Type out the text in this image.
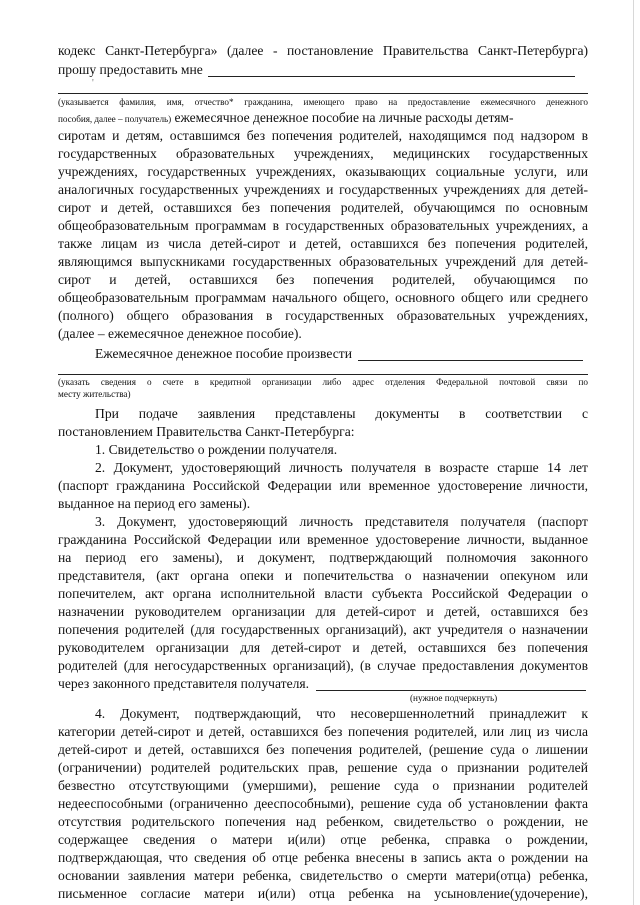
кодекс Санкт-Петербурга» (далее - постановление Правительства Санкт-Петербурга)
прошу предоставить мне
'
(указывается фамилия, имя, отчество* гражданина, имеющего право на предоставление ежемесячного денежного
пособия, далее – получатель) ежемесячное денежное пособие на личные расходы детям-
сиротам и детям, оставшимся без попечения родителей, находящимся под надзором в
государственных образовательных учреждениях, медицинских государственных
учреждениях, государственных учреждениях, оказывающих социальные услуги, или
аналогичных государственных учреждениях и государственных учреждениях для детей-
сирот и детей, оставшихся без попечения родителей, обучающимся по основным
общеобразовательным программам в государственных образовательных учреждениях, а
также лицам из числа детей-сирот и детей, оставшихся без попечения родителей,
являющимся выпускниками государственных образовательных учреждений для детей-
сирот и детей, оставшихся без попечения родителей, обучающимся по
общеобразовательным программам начального общего, основного общего или среднего
(полного) общего образования в государственных образовательных учреждениях,
(далее – ежемесячное денежное пособие).
Ежемесячное денежное пособие произвести
(указать сведения о счете в кредитной организации либо адрес отделения Федеральной почтовой связи по
месту жительства)
При подаче заявления представлены документы в соответствии с
постановлением Правительства Санкт-Петербурга:
1. Свидетельство о рождении получателя.
2. Документ, удостоверяющий личность получателя в возрасте старше 14 лет
(паспорт гражданина Российской Федерации или временное удостоверение личности,
выданное на период его замены).
3. Документ, удостоверяющий личность представителя получателя (паспорт
гражданина Российской Федерации или временное удостоверение личности, выданное
на период его замены), и документ, подтверждающий полномочия законного
представителя, (акт органа опеки и попечительства о назначении опекуном или
попечителем, акт органа исполнительной власти субъекта Российской Федерации о
назначении руководителем организации для детей-сирот и детей, оставшихся без
попечения родителей (для государственных организаций), акт учредителя о назначении
руководителем организации для детей-сирот и детей, оставшихся без попечения
родителей (для негосударственных организаций), (в случае предоставления документов
через законного представителя получателя.
(нужное подчеркнуть)
4. Документ, подтверждающий, что несовершеннолетний принадлежит к
категории детей-сирот и детей, оставшихся без попечения родителей, или лиц из числа
детей-сирот и детей, оставшихся без попечения родителей, (решение суда о лишении
(ограничении) родителей родительских прав, решение суда о признании родителей
безвестно отсутствующими (умершими), решение суда о признании родителей
недееспособными (ограниченно дееспособными), решение суда об установлении факта
отсутствия родительского попечения над ребенком, свидетельство о рождении, не
содержащее сведения о матери и(или) отце ребенка, справка о рождении,
подтверждающая, что сведения об отце ребенка внесены в запись акта о рождении на
основании заявления матери ребенка, свидетельство о смерти матери(отца) ребенка,
письменное согласие матери и(или) отца ребенка на усыновление(удочерение),
